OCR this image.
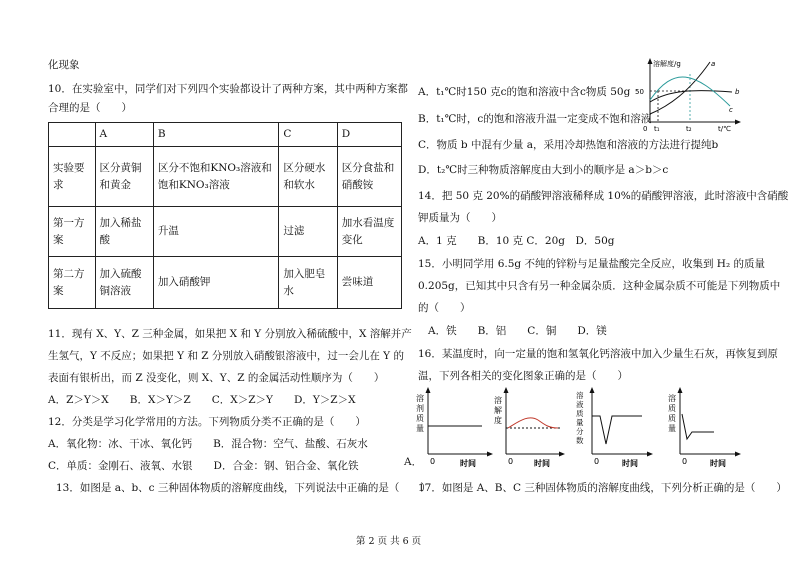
化现象
10．在实验室中，同学们对下列四个实验都设计了两种方案，其中两种方案都
合理的是（　　）
	A	B	C	D
实验要求	区分黄铜和黄金	区分不饱和KNO₃溶液和饱和KNO₃溶液	区分硬水和软水	区分食盐和硝酸铵
第一方案	加入稀盐酸	升温	过滤	加水看温度变化
第二方案	加入硫酸铜溶液	加入硝酸钾	加入肥皂水	尝味道
11．现有 X、Y、Z 三种金属，如果把 X 和 Y 分别放入稀硫酸中，X 溶解并产
生氢气，Y 不反应；如果把 Y 和 Z 分别放入硝酸银溶液中，过一会儿在 Y 的
表面有银析出，而 Z 没变化，则 X、Y、Z 的金属活动性顺序为（　　）
A．Z＞Y＞X　　B．X＞Y＞Z　　C．X＞Z＞Y　　D．Y＞Z＞X
12．分类是学习化学常用的方法。下列物质分类不正确的是（　　）
A．氧化物：冰、干冰、氧化钙　　B．混合物：空气、盐酸、石灰水
C．单质：金刚石、液氧、水银　　D．合金：钢、铝合金、氧化铁
13．如图是 a、b、c 三种固体物质的溶解度曲线，下列说法中正确的是（　　）
A．t₁℃时150 克c的饱和溶液中含c物质 50g
B．t₁℃时，c的饱和溶液升温一定变成不饱和溶液
C．物质 b 中混有少量 a，采用冷却热饱和溶液的方法进行提纯b
D．t₂℃时三种物质溶解度由大到小的顺序是 a＞b＞c
14．把 50 克 20%的硝酸钾溶液稀释成 10%的硝酸钾溶液，此时溶液中含硝酸
钾质量为（　　）
A．1 克　　B．10 克 C．20g　D．50g
15．小明同学用 6.5g 不纯的锌粉与足量盐酸完全反应，收集到 H₂ 的质量
0.205g，已知其中只含有另一种金属杂质．这种金属杂质不可能是下列物质中
的（　　）
A．铁　　B．铝　　C．铜　　D．镁
16．某温度时，向一定量的饱和氢氧化钙溶液中加入少量生石灰，再恢复到原
温，下列各相关的变化图象正确的是（　　）
17．如图是 A、B、C 三种固体物质的溶解度曲线，下列分析正确的是（　　）
溶解度/g
50
0 t₁	t₂	t/℃
a
b
c
A．
溶
剂
质
量
0	时间
溶
解
度
0	时间
溶
液
质
量
分
数
0	时间
溶
质
质
量
0	时间
第 2 页 共 6 页
